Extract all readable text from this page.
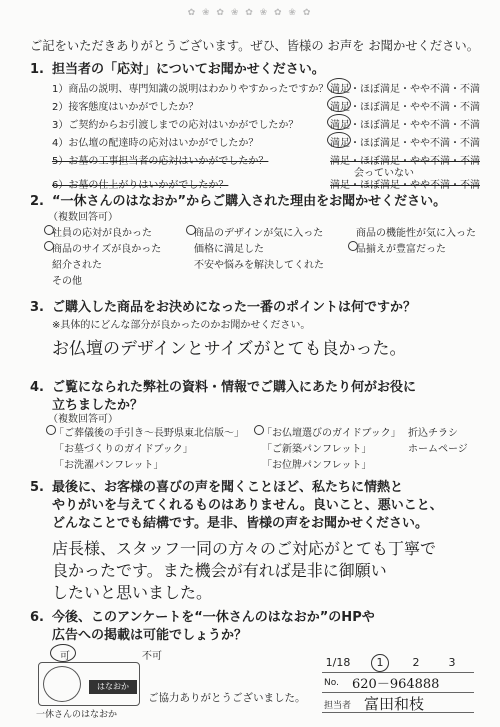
✿ ❀ ✿ ❀ ✿ ❀ ✿ ❀ ✿
ご記をいただきありがとうございます。ぜひ、皆様の お声を お聞かせください。
1. 担当者の「応対」についてお聞かせください。
1）商品の説明、専門知識の説明はわかりやすかったですか？ 満足・ほぼ満足・やや不満・不満
2）接客態度はいかがでしたか？	満足・ほぼ満足・やや不満・不満
3）ご契約からお引渡しまでの応対はいかがでしたか？	満足・ほぼ満足・やや不満・不満
4）お仏壇の配達時の応対はいかがでしたか？	満足・ほぼ満足・やや不満・不満
5）お墓の工事担当者の応対はいかがでしたか？	満足・ほぼ満足・やや不満・不満
会っていない
6）お墓の仕上がりはいかがでしたか？	満足・ほぼ満足・やや不満・不満
2. “一休さんのはなおか”からご購入された理由をお聞かせください。
（複数回答可）
社員の応対が良かった	商品のデザインが気に入った	商品の機能性が気に入った
商品のサイズが良かった	価格に満足した	品揃えが豊富だった
紹介された	不安や悩みを解決してくれた
その他
3. ご購入した商品をお決めになった一番のポイントは何ですか？
※具体的にどんな部分が良かったのかお聞かせください。
お仏壇のデザインとサイズがとても良かった。
4. ご覧になられた弊社の資料・情報でご購入にあたり何がお役に
立ちましたか？
（複数回答可）
「ご葬儀後の手引き～長野県東北信版～」 「お仏壇選びのガイドブック」 折込チラシ
「お墓づくりのガイドブック」	「ご新築パンフレット」	ホームページ
「お洗濯パンフレット」	「お位牌パンフレット」
5. 最後に、お客様の喜びの声を聞くことほど、私たちに情熱と
やりがいを与えてくれるものはありません。良いこと、悪いこと、
どんなことでも結構です。是非、皆様の声をお聞かせください。
店長様、スタッフ一同の方々のご対応がとても丁寧で
良かったです。また機会が有れば是非に御願い
したいと思いました。
6. 今後、このアンケートを“一休さんのはなおか”のHPや
広告への掲載は可能でしょうか？
可	不可
はなおか
一休さんのはなおか
ご協力ありがとうございました。
1/18	1	2	3
No. 620－964888
担当者 富田和枝
